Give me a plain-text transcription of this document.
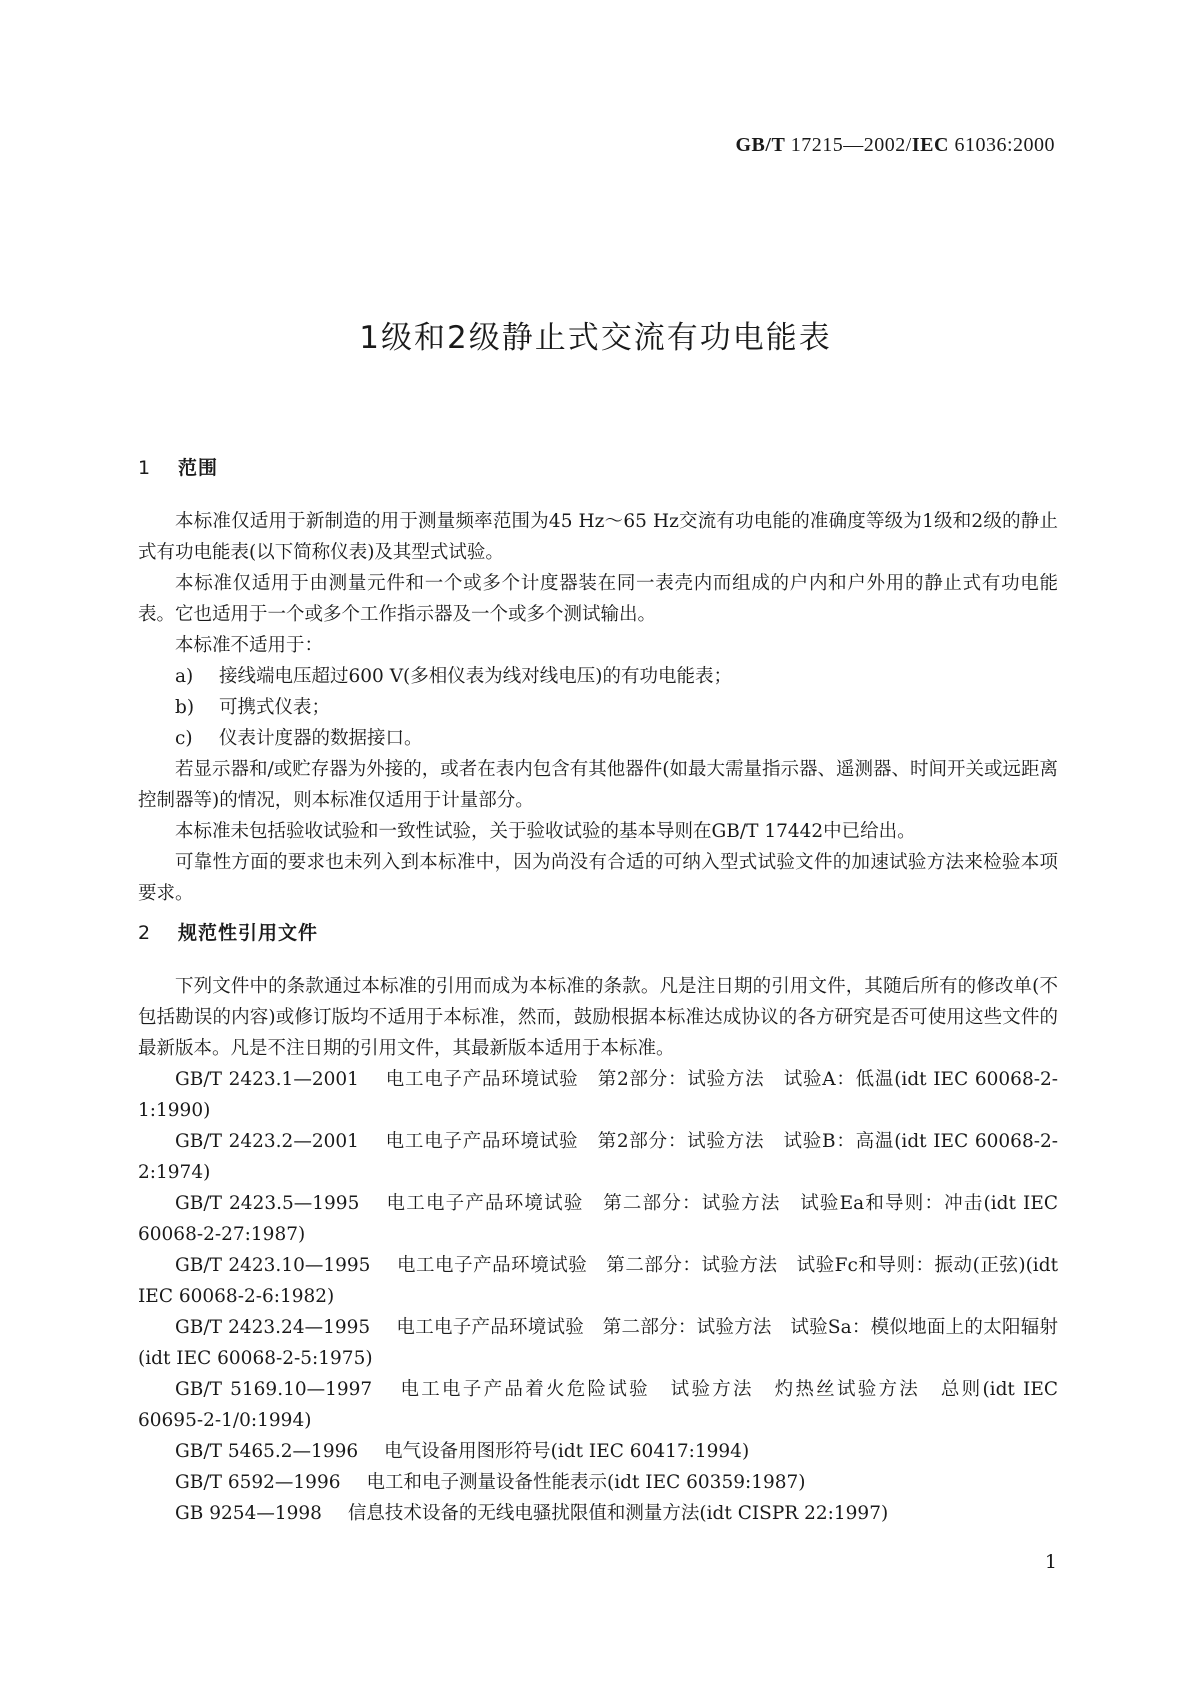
GB/T 17215—2002/IEC 61036:2000
1级和2级静止式交流有功电能表
1 范围

本标准仅适用于新制造的用于测量频率范围为45 Hz～65 Hz交流有功电能的准确度等级为1级和2级的静止式有功电能表(以下简称仪表)及其型式试验。

本标准仅适用于由测量元件和一个或多个计度器装在同一表壳内而组成的户内和户外用的静止式有功电能表。它也适用于一个或多个工作指示器及一个或多个测试输出。

本标准不适用于：

a) 接线端电压超过600 V(多相仪表为线对线电压)的有功电能表；

b) 可携式仪表；

c) 仪表计度器的数据接口。

若显示器和/或贮存器为外接的，或者在表内包含有其他器件(如最大需量指示器、遥测器、时间开关或远距离控制器等)的情况，则本标准仅适用于计量部分。

本标准未包括验收试验和一致性试验，关于验收试验的基本导则在GB/T 17442中已给出。

可靠性方面的要求也未列入到本标准中，因为尚没有合适的可纳入型式试验文件的加速试验方法来检验本项要求。

2 规范性引用文件

下列文件中的条款通过本标准的引用而成为本标准的条款。凡是注日期的引用文件，其随后所有的修改单(不包括勘误的内容)或修订版均不适用于本标准，然而，鼓励根据本标准达成协议的各方研究是否可使用这些文件的最新版本。凡是不注日期的引用文件，其最新版本适用于本标准。

GB/T 2423.1—2001 电工电子产品环境试验　第2部分：试验方法　试验A：低温(idt IEC 60068-2-1:1990)

GB/T 2423.2—2001 电工电子产品环境试验　第2部分：试验方法　试验B：高温(idt IEC 60068-2-2:1974)

GB/T 2423.5—1995 电工电子产品环境试验　第二部分：试验方法　试验Ea和导则：冲击(idt IEC 60068-2-27:1987)

GB/T 2423.10—1995 电工电子产品环境试验　第二部分：试验方法　试验Fc和导则：振动(正弦)(idt IEC 60068-2-6:1982)

GB/T 2423.24—1995 电工电子产品环境试验　第二部分：试验方法　试验Sa：模似地面上的太阳辐射(idt IEC 60068-2-5:1975)

GB/T 5169.10—1997 电工电子产品着火危险试验　试验方法　灼热丝试验方法　总则(idt IEC 60695-2-1/0:1994)

GB/T 5465.2—1996 电气设备用图形符号(idt IEC 60417:1994)

GB/T 6592—1996 电工和电子测量设备性能表示(idt IEC 60359:1987)

GB 9254—1998 信息技术设备的无线电骚扰限值和测量方法(idt CISPR 22:1997)

1
